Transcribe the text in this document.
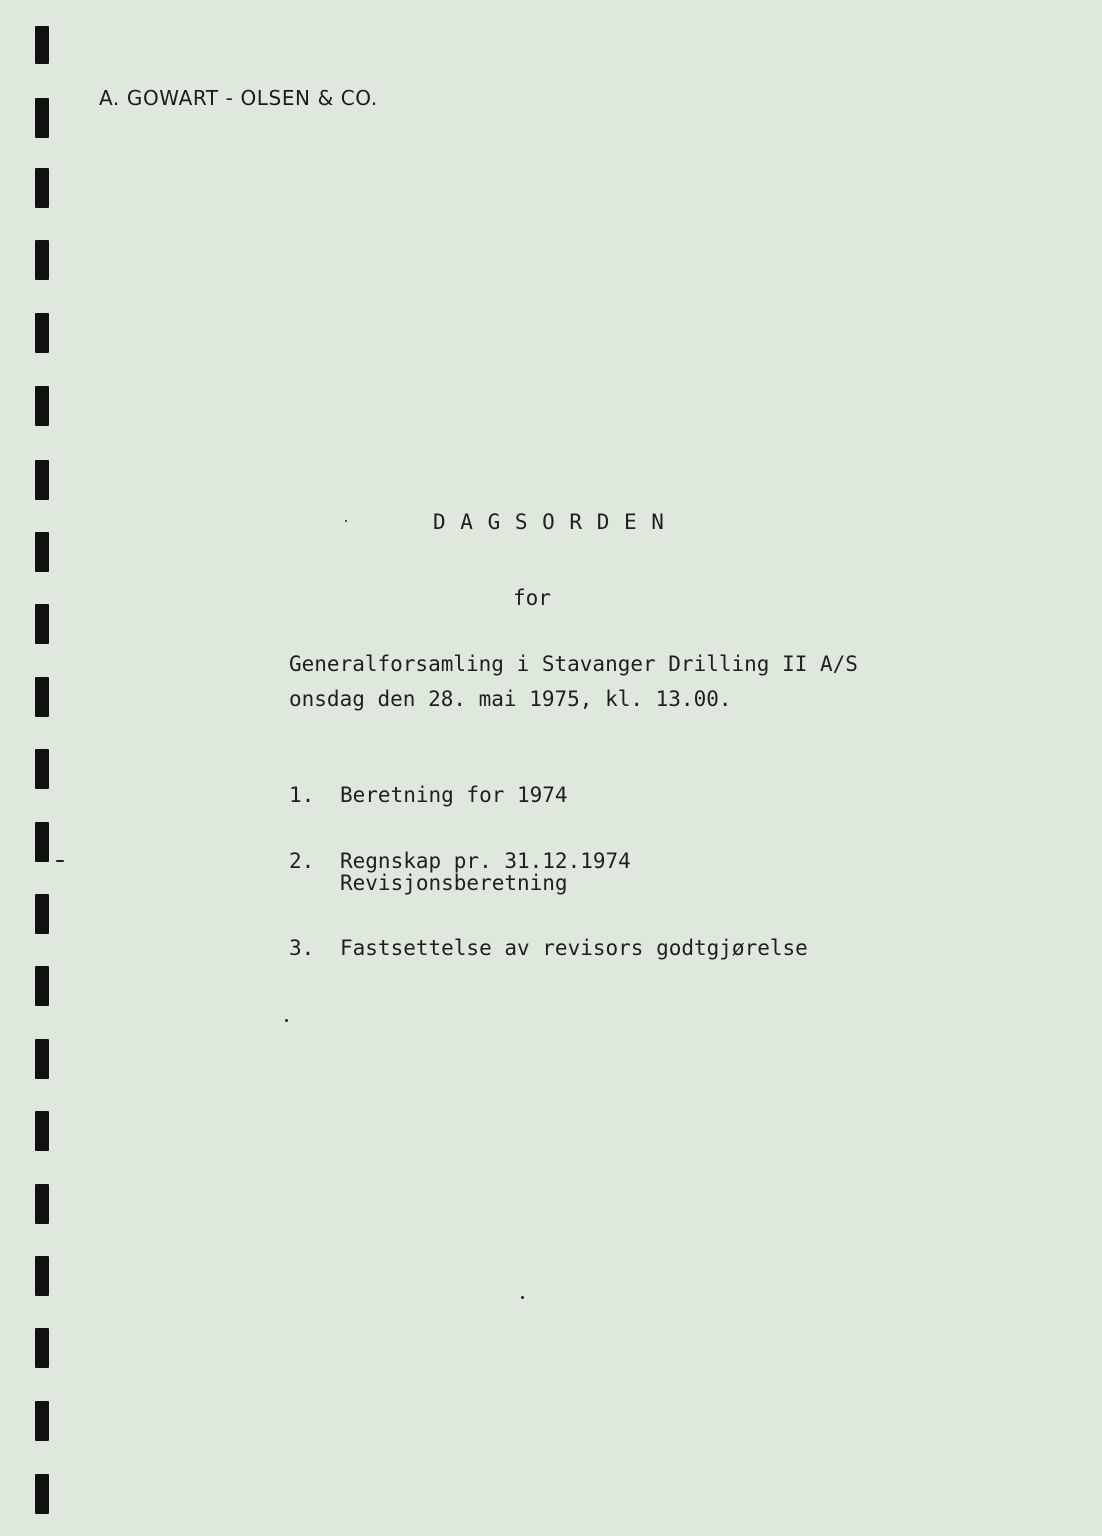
A. GOWART - OLSEN & CO.
D A G S O R D E N
for
Generalforsamling i Stavanger Drilling II A/S
onsdag den 28. mai 1975, kl. 13.00.
1. Beretning for 1974
2. Regnskap pr. 31.12.1974
Revisjonsberetning
3. Fastsettelse av revisors godtgjørelse
